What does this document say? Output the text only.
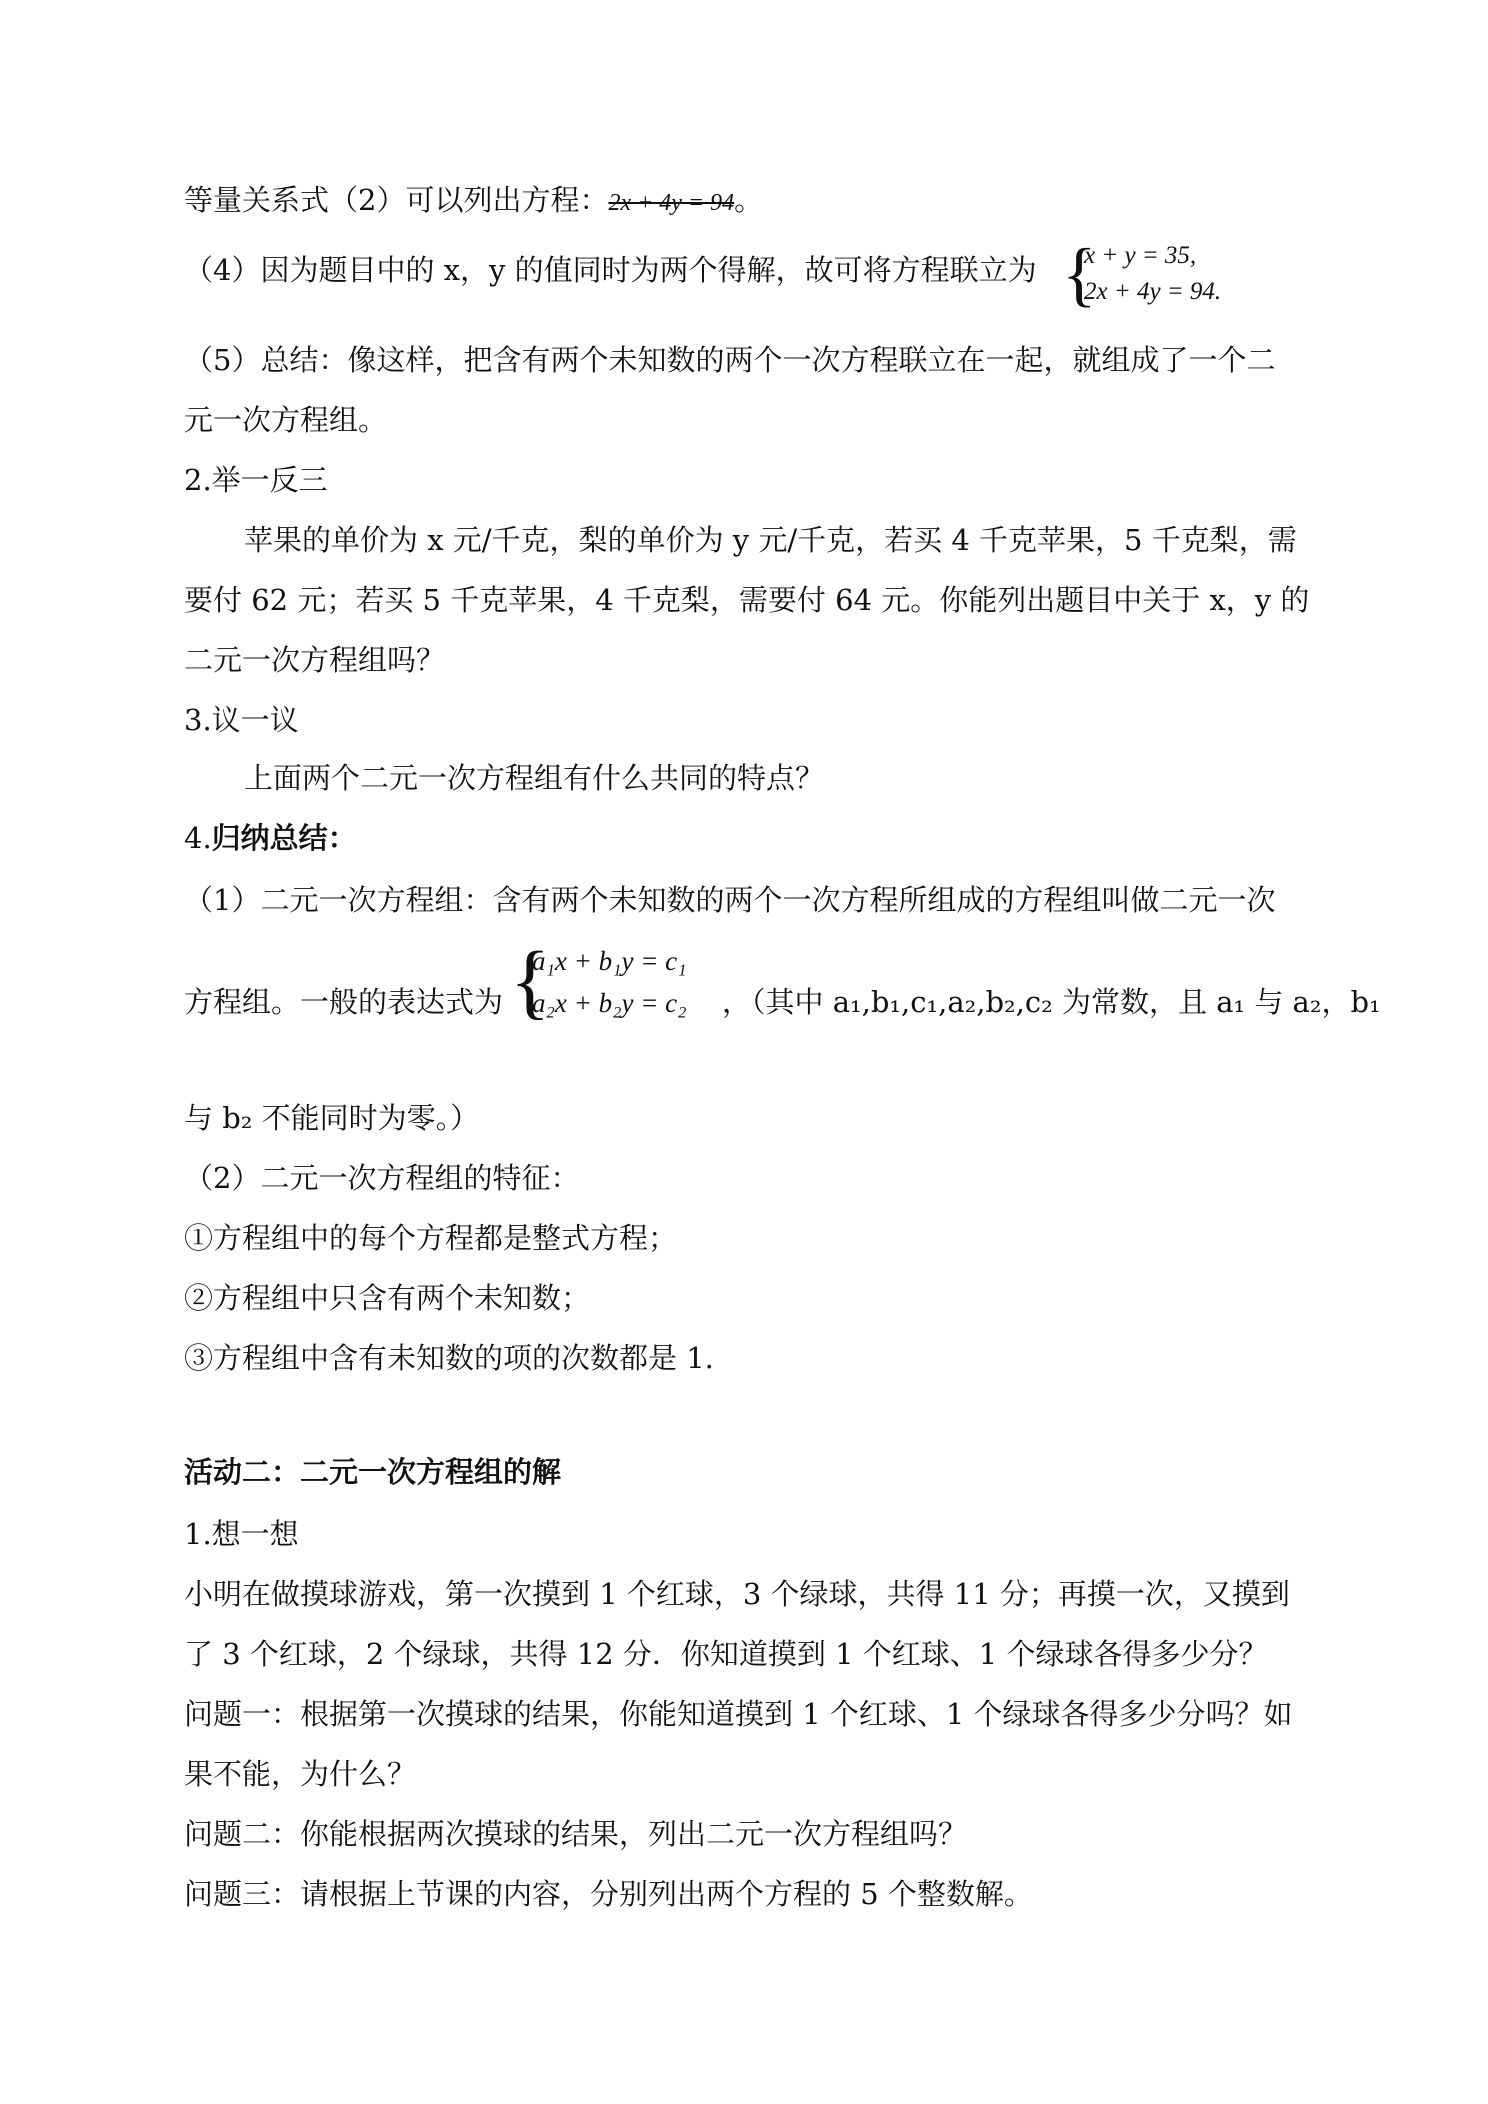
等量关系式（2）可以列出方程：2x + 4y = 94。
（4）因为题目中的 x，y 的值同时为两个得解，故可将方程联立为 {
x + y = 35,
2x + 4y = 94.
（5）总结：像这样，把含有两个未知数的两个一次方程联立在一起，就组成了一个二
元一次方程组。
2.举一反三
苹果的单价为 x 元/千克，梨的单价为 y 元/千克，若买 4 千克苹果，5 千克梨，需
要付 62 元；若买 5 千克苹果，4 千克梨，需要付 64 元。你能列出题目中关于 x，y 的
二元一次方程组吗？
3.议一议
上面两个二元一次方程组有什么共同的特点？
4.归纳总结：
（1）二元一次方程组：含有两个未知数的两个一次方程所组成的方程组叫做二元一次
方程组。一般的表达式为 {
a₁x + b₁y = c₁
a₂x + b₂y = c₂ ，（其中 a₁,b₁,c₁,a₂,b₂,c₂ 为常数，且 a₁ 与 a₂，b₁
与 b₂ 不能同时为零。）
（2）二元一次方程组的特征：
①方程组中的每个方程都是整式方程；
②方程组中只含有两个未知数；
③方程组中含有未知数的项的次数都是 1.
活动二：二元一次方程组的解
1.想一想
小明在做摸球游戏，第一次摸到 1 个红球，3 个绿球，共得 11 分；再摸一次，又摸到
了 3 个红球，2 个绿球，共得 12 分．你知道摸到 1 个红球、1 个绿球各得多少分？
问题一：根据第一次摸球的结果，你能知道摸到 1 个红球、1 个绿球各得多少分吗？如
果不能，为什么？
问题二：你能根据两次摸球的结果，列出二元一次方程组吗？
问题三：请根据上节课的内容，分别列出两个方程的 5 个整数解。
